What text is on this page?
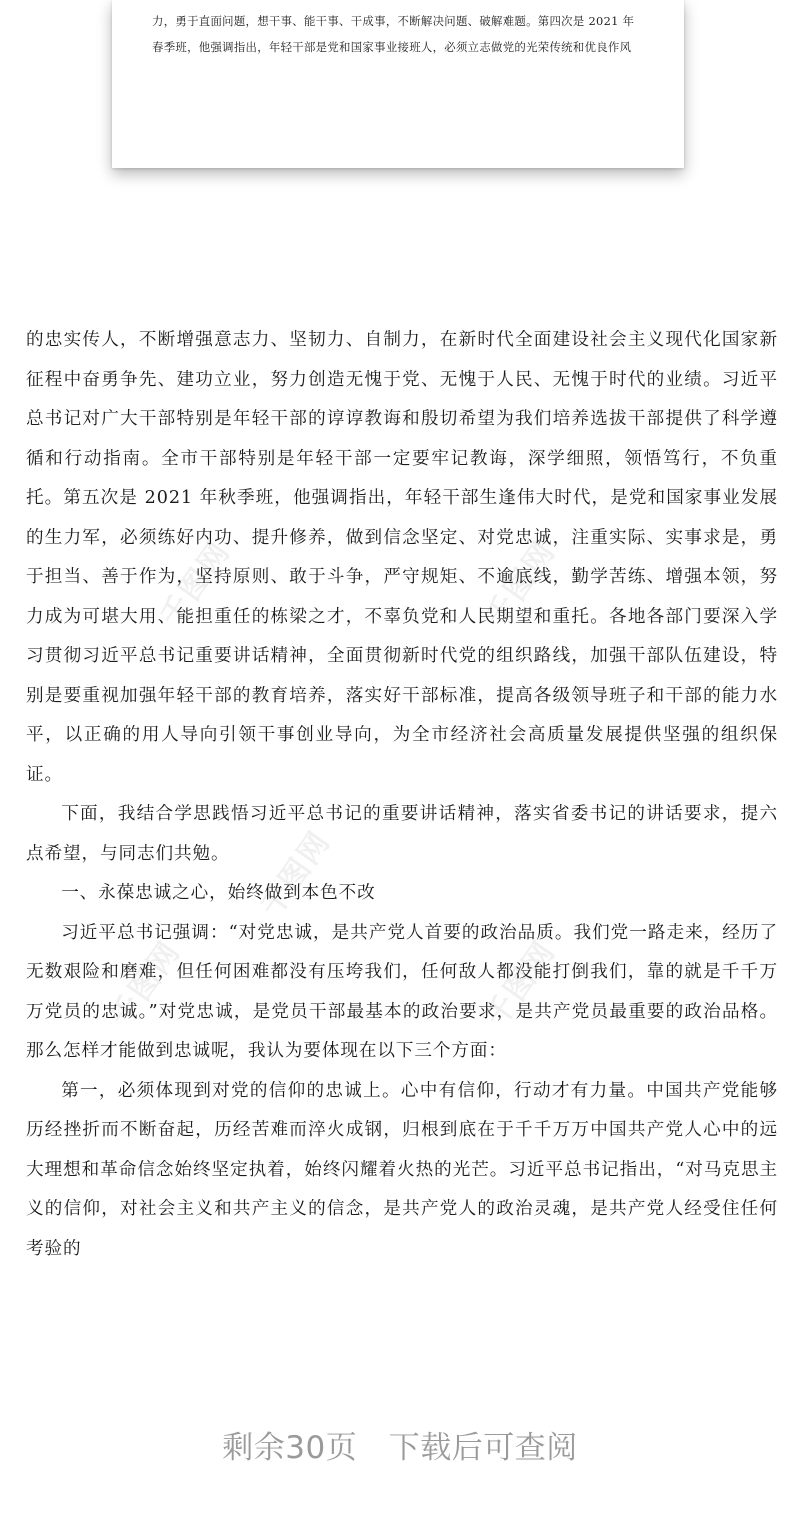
千图网	千图网
千图网
千图网	千图网

力，勇于直面问题，想干事、能干事、干成事，不断解决问题、破解难题。第四次是 2021 年

春季班，他强调指出，年轻干部是党和国家事业接班人，必须立志做党的光荣传统和优良作风

的忠实传人，不断增强意志力、坚韧力、自制力，在新时代全面建设社会主义现代化国家新征程中奋勇争先、建功立业，努力创造无愧于党、无愧于人民、无愧于时代的业绩。习近平总书记对广大干部特别是年轻干部的谆谆教诲和殷切希望为我们培养选拔干部提供了科学遵循和行动指南。全市干部特别是年轻干部一定要牢记教诲，深学细照，领悟笃行，不负重托。第五次是 2021 年秋季班，他强调指出，年轻干部生逢伟大时代，是党和国家事业发展的生力军，必须练好内功、提升修养，做到信念坚定、对党忠诚，注重实际、实事求是，勇于担当、善于作为，坚持原则、敢于斗争，严守规矩、不逾底线，勤学苦练、增强本领，努力成为可堪大用、能担重任的栋梁之才，不辜负党和人民期望和重托。各地各部门要深入学习贯彻习近平总书记重要讲话精神，全面贯彻新时代党的组织路线，加强干部队伍建设，特别是要重视加强年轻干部的教育培养，落实好干部标准，提高各级领导班子和干部的能力水平，以正确的用人导向引领干事创业导向，为全市经济社会高质量发展提供坚强的组织保证。

下面，我结合学思践悟习近平总书记的重要讲话精神，落实省委书记的讲话要求，提六点希望，与同志们共勉。

一、永葆忠诚之心，始终做到本色不改

习近平总书记强调：“对党忠诚，是共产党人首要的政治品质。我们党一路走来，经历了无数艰险和磨难，但任何困难都没有压垮我们，任何敌人都没能打倒我们，靠的就是千千万万党员的忠诚。”对党忠诚，是党员干部最基本的政治要求，是共产党员最重要的政治品格。那么怎样才能做到忠诚呢，我认为要体现在以下三个方面：

第一，必须体现到对党的信仰的忠诚上。心中有信仰，行动才有力量。中国共产党能够历经挫折而不断奋起，历经苦难而淬火成钢，归根到底在于千千万万中国共产党人心中的远大理想和革命信念始终坚定执着，始终闪耀着火热的光芒。习近平总书记指出，“对马克思主义的信仰，对社会主义和共产主义的信念，是共产党人的政治灵魂，是共产党人经受住任何考验的

剩余30页　 下载后可查阅
